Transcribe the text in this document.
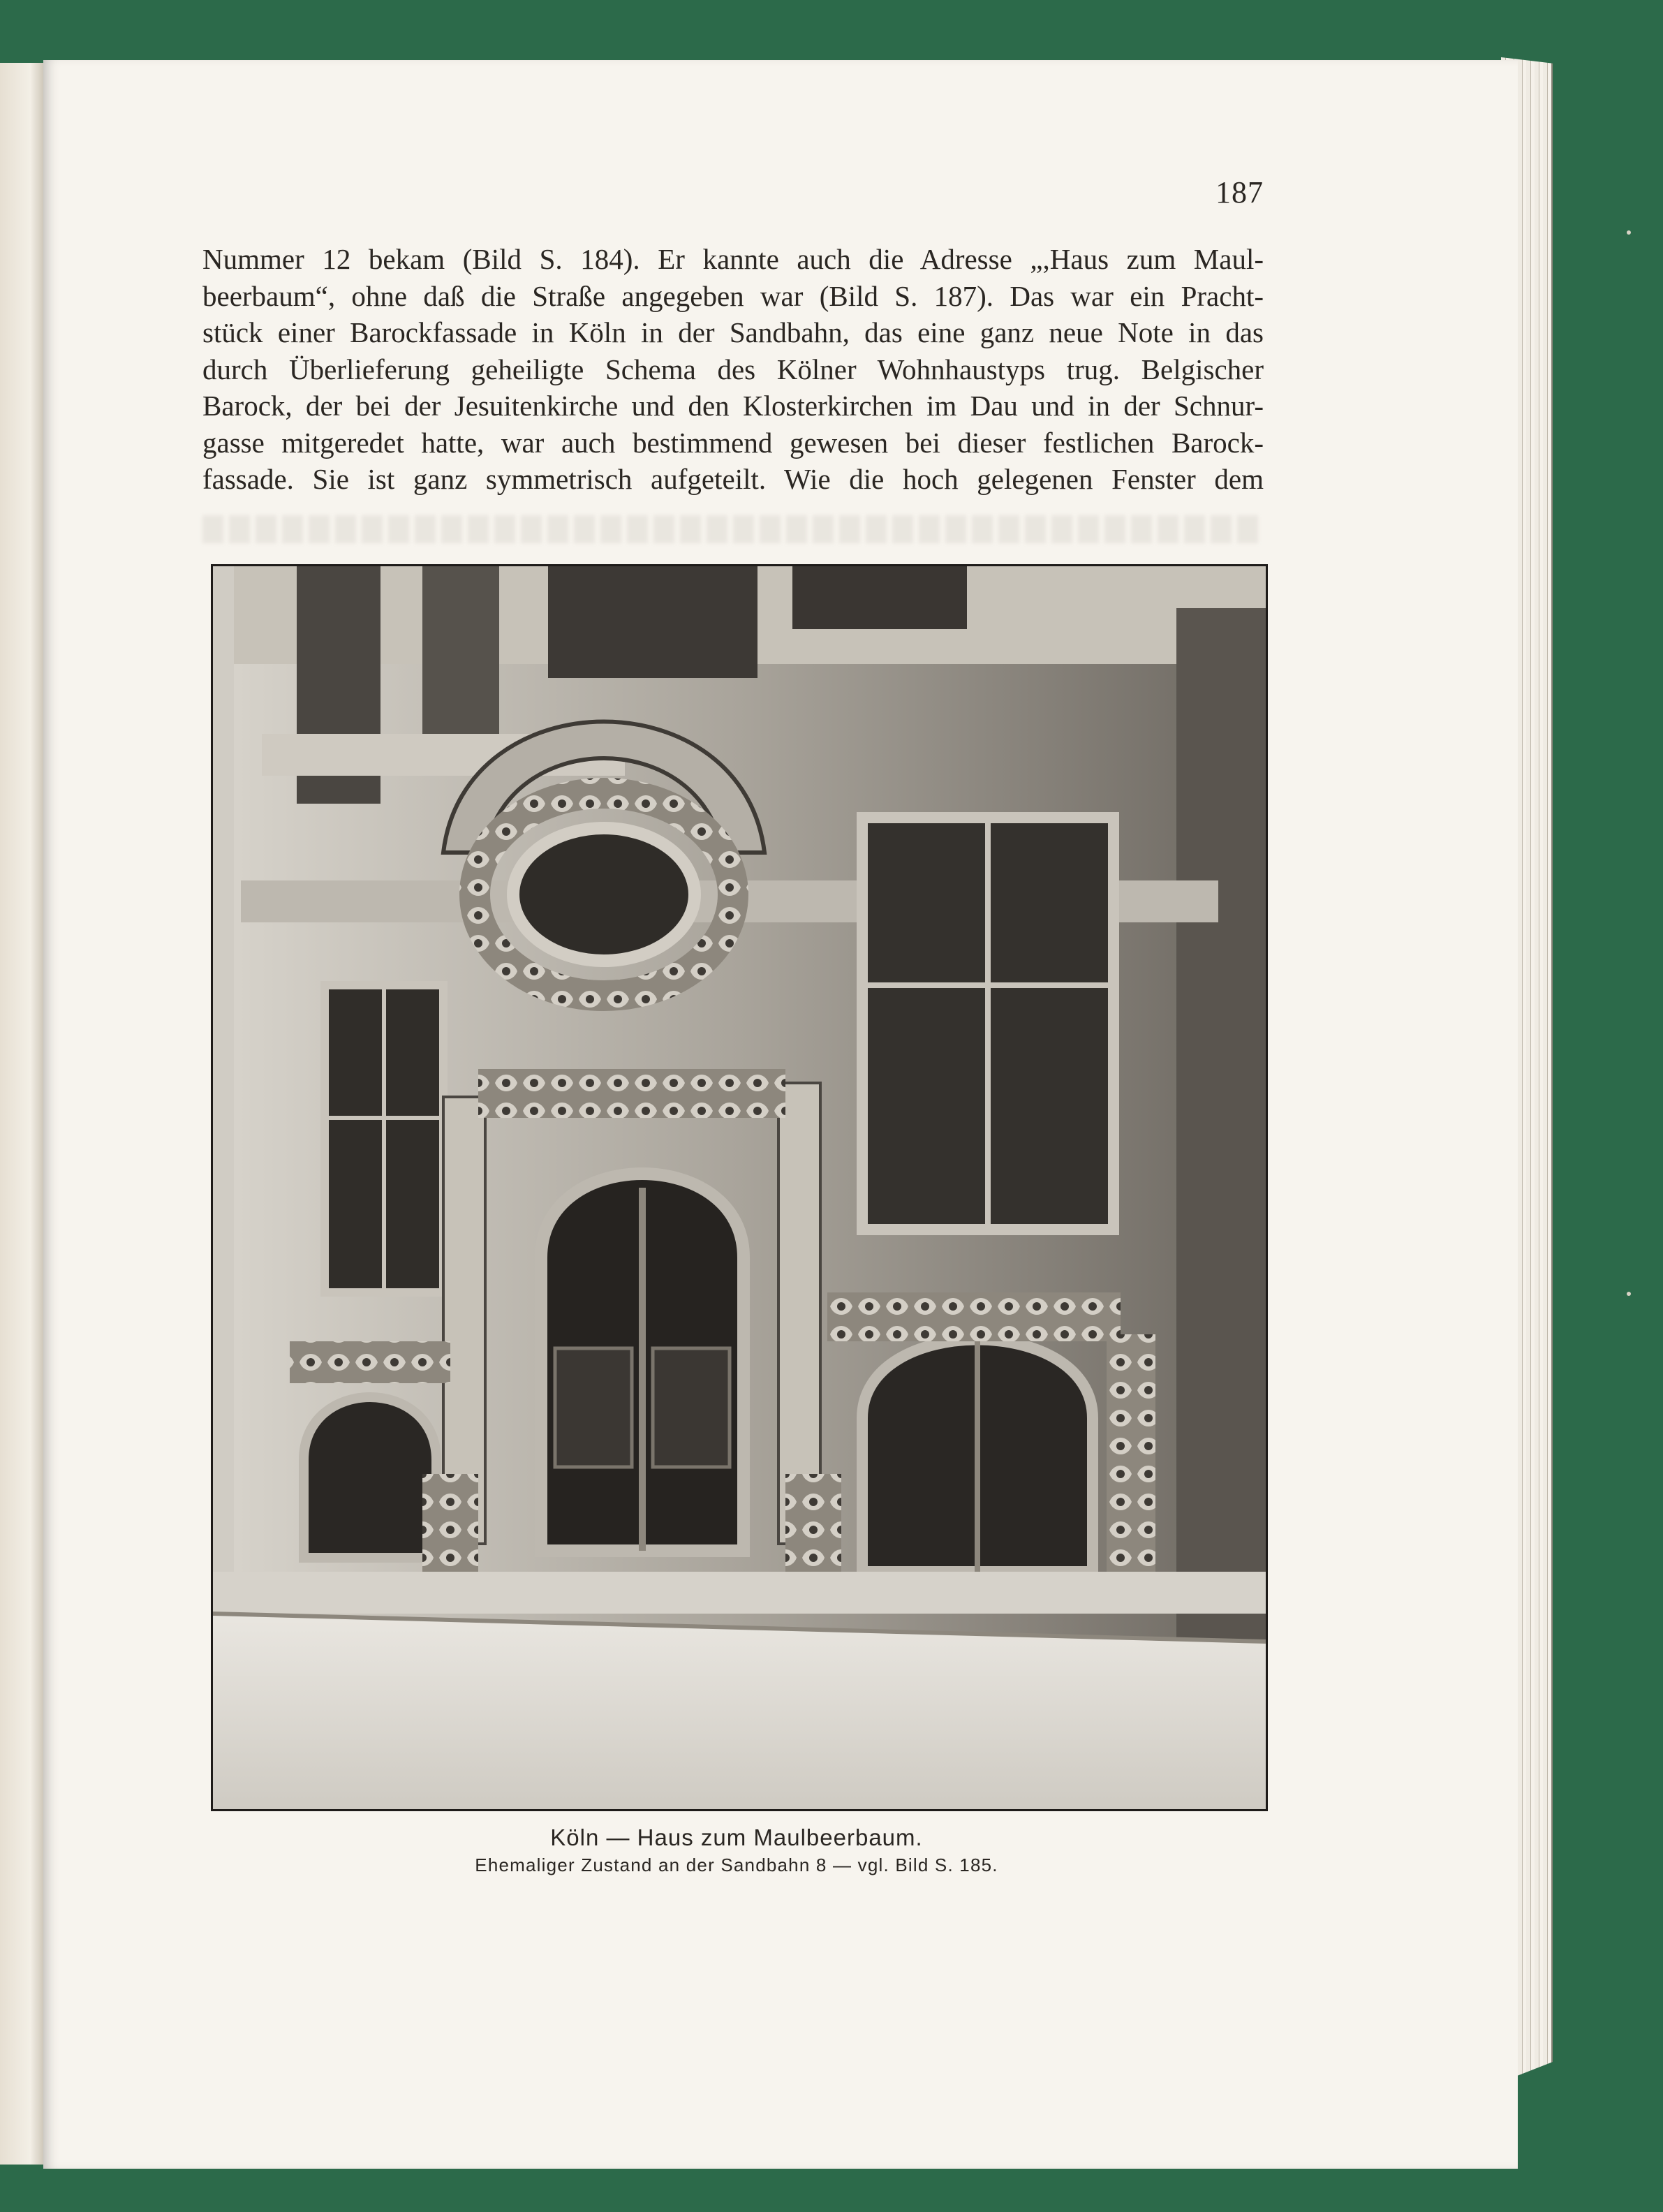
187
Nummer 12 bekam (Bild S. 184). Er kannte auch die Adresse „,Haus zum Maul-
beerbaum“, ohne daß die Straße angegeben war (Bild S. 187). Das war ein Pracht-
stück einer Barockfassade in Köln in der Sandbahn, das eine ganz neue Note in das
durch Überlieferung geheiligte Schema des Kölner Wohnhaustyps trug. Belgischer
Barock, der bei der Jesuitenkirche und den Klosterkirchen im Dau und in der Schnur-
gasse mitgeredet hatte, war auch bestimmend gewesen bei dieser festlichen Barock-
fassade. Sie ist ganz symmetrisch aufgeteilt. Wie die hoch gelegenen Fenster dem
Köln — Haus zum Maulbeerbaum.
Ehemaliger Zustand an der Sandbahn 8 — vgl. Bild S. 185.
